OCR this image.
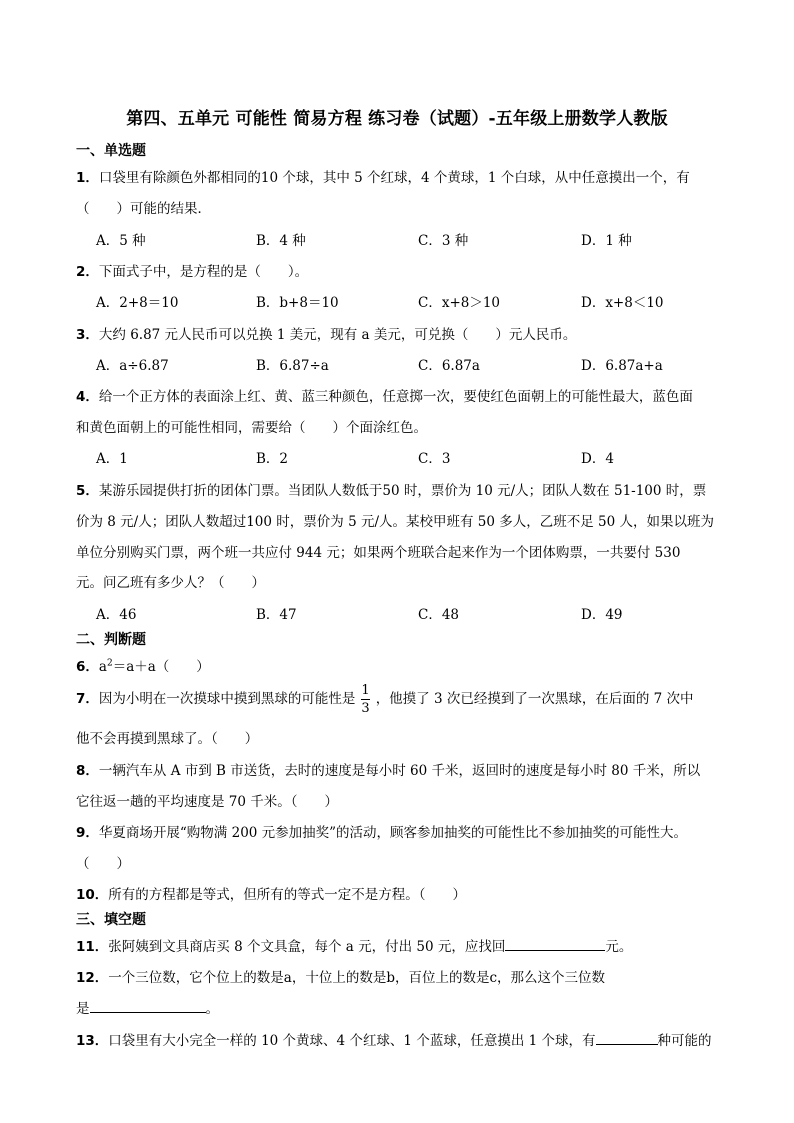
第四、五单元 可能性 简易方程 练习卷（试题）-五年级上册数学人教版
一、单选题
1．口袋里有除颜色外都相同的10 个球，其中 5 个红球，4 个黄球，1 个白球，从中任意摸出一个，有
（　　）可能的结果．
A．5 种	B．4 种	C．3 种	D．1 种
2．下面式子中，是方程的是（　　）。
A．2+8＝10	B．b+8＝10	C．x+8＞10	D．x+8＜10
3．大约 6.87 元人民币可以兑换 1 美元，现有 a 美元，可兑换（　　）元人民币。
A．a÷6.87	B．6.87÷a	C．6.87a	D．6.87a+a
4．给一个正方体的表面涂上红、黄、蓝三种颜色，任意掷一次，要使红色面朝上的可能性最大，蓝色面
和黄色面朝上的可能性相同，需要给（　　）个面涂红色。
A．1	B．2	C．3	D．4
5．某游乐园提供打折的团体门票。当团队人数低于50 时，票价为 10 元/人；团队人数在 51-100 时，票
价为 8 元/人；团队人数超过100 时，票价为 5 元/人。某校甲班有 50 多人，乙班不足 50 人，如果以班为
单位分别购买门票，两个班一共应付 944 元；如果两个班联合起来作为一个团体购票，一共要付 530
元。问乙班有多少人？（　　）
A．46	B．47	C．48	D．49
二、判断题
6．$a^2=a+a$（　　）
7．因为小明在一次摸球中摸到黑球的可能性是 $\frac{1}{3}$ ，他摸了 3 次已经摸到了一次黑球，在后面的 7 次中
他不会再摸到黑球了。（　　）
8．一辆汽车从 A 市到 B 市送货，去时的速度是每小时 60 千米，返回时的速度是每小时 80 千米，所以
它往返一趟的平均速度是 70 千米。（　　）
9．华夏商场开展“购物满 200 元参加抽奖”的活动，顾客参加抽奖的可能性比不参加抽奖的可能性大。
（　　）
10．所有的方程都是等式，但所有的等式一定不是方程。（　　）
三、填空题
11．张阿姨到文具商店买 8 个文具盒，每个 a 元，付出 50 元，应找回	元。
12．一个三位数，它个位上的数是a，十位上的数是b，百位上的数是c，那么这个三位数
是	。
13．口袋里有大小完全一样的 10 个黄球、4 个红球、1 个蓝球，任意摸出 1 个球，有	种可能的
